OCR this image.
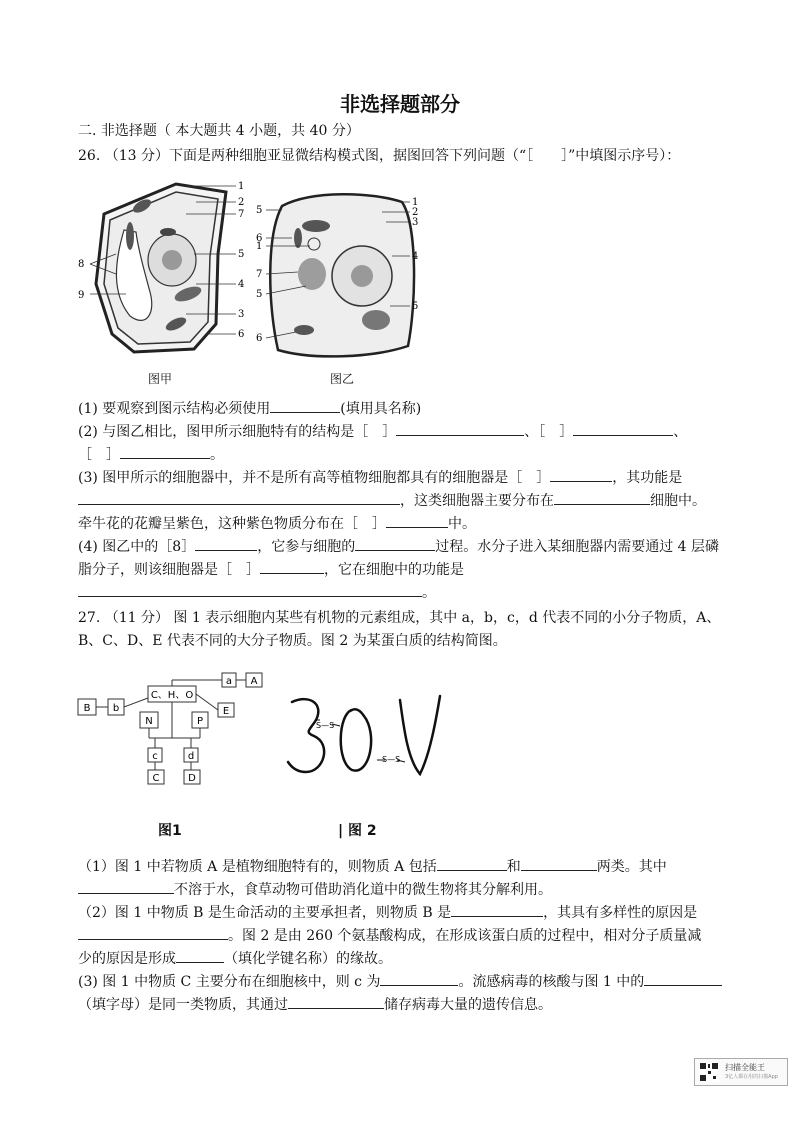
非选择题部分
二. 非选择题（ 本大题共 4 小题，共 40 分）
26. （13 分）下面是两种细胞亚显微结构模式图，据图回答下列问题（“［　　］”中填图示序号）：
1
2
7
5
4
3
6
8
9
图甲
5
6
1
7
5
6
1
2
3
4
5
图乙
(1) 要观察到图示结构必须使用	(填用具名称)
(2) 与图乙相比，图甲所示细胞特有的结构是［　］	、［　］	、
［　］	。
(3) 图甲所示的细胞器中，并不是所有高等植物细胞都具有的细胞器是［　］	，其功能是
，这类细胞器主要分布在	细胞中。
牵牛花的花瓣呈紫色，这种紫色物质分布在［　］	中。
(4) 图乙中的［8］	，它参与细胞的	过程。水分子进入某细胞器内需要通过 4 层磷
脂分子，则该细胞器是［　］	，它在细胞中的功能是
。
27. （11 分） 图 1 表示细胞内某些有机物的元素组成，其中 a，b，c，d 代表不同的小分子物质，A、
B、C、D、E 代表不同的大分子物质。图 2 为某蛋白质的结构简图。
B b
C、H、O
a A
E
N	P
c	d
C	D
S—S
S—S
图1	| 图 2
（1）图 1 中若物质 A 是植物细胞特有的，则物质 A 包括	和	两类。其中
不溶于水，食草动物可借助消化道中的微生物将其分解利用。
（2）图 1 中物质 B 是生命活动的主要承担者，则物质 B 是	，其具有多样性的原因是
。图 2 是由 260 个氨基酸构成，在形成该蛋白质的过程中，相对分子质量减
少的原因是形成	（填化学键名称）的缘故。
(3) 图 1 中物质 C 主要分布在细胞核中，则 c 为	。流感病毒的核酸与图 1 中的
（填字母）是同一类物质，其通过	储存病毒大量的遗传信息。
扫描全能王
3亿人都在用的扫描App
